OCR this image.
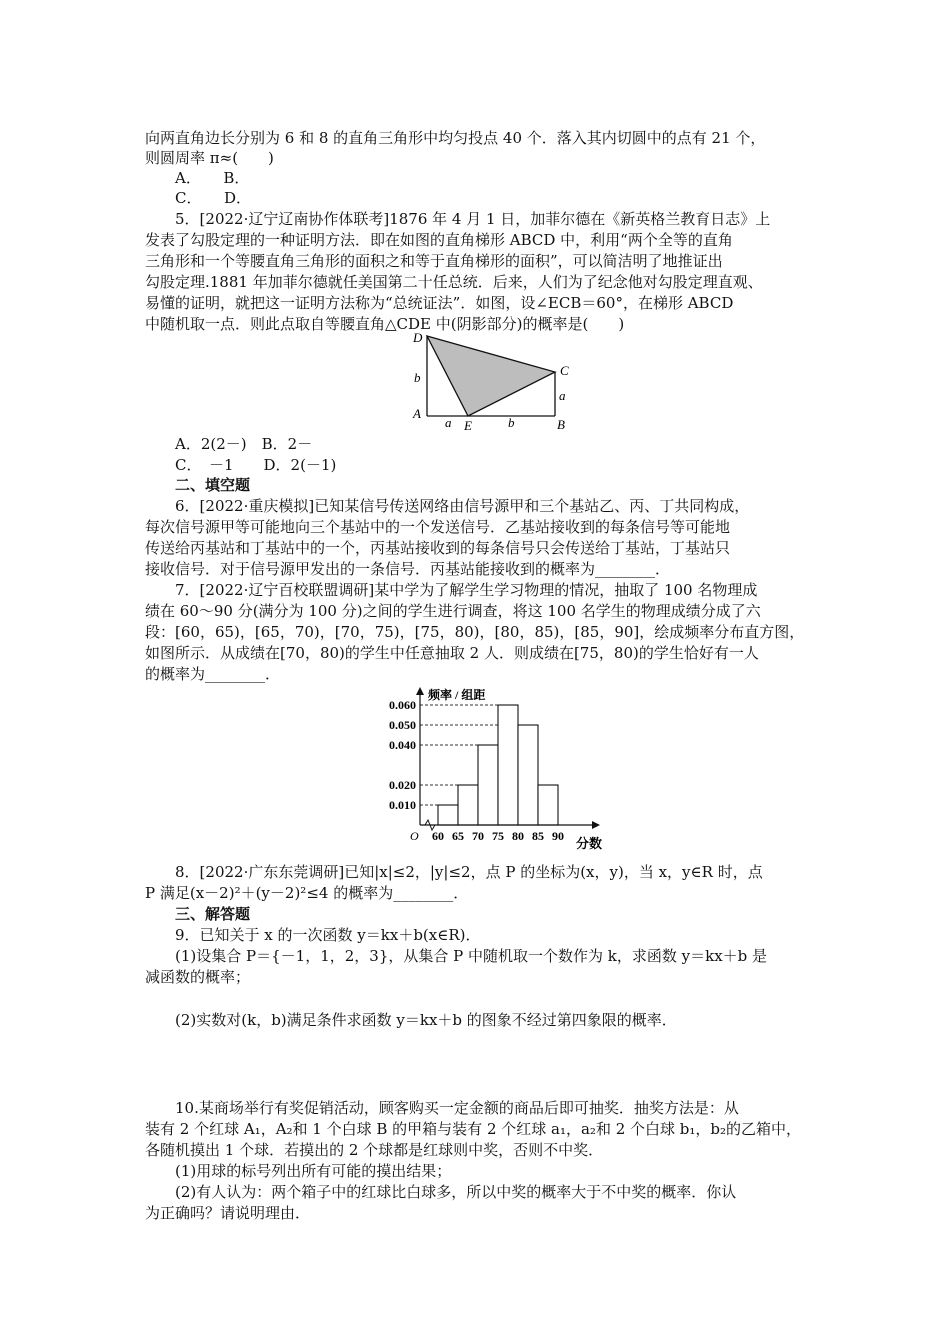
向两直角边长分别为 6 和 8 的直角三角形中均匀投点 40 个．落入其内切圆中的点有 21 个，
则圆周率 π≈(　　)
A．　　B．
C．　　D．
5．[2022·辽宁辽南协作体联考]1876 年 4 月 1 日，加菲尔德在《新英格兰教育日志》上
发表了勾股定理的一种证明方法．即在如图的直角梯形 ABCD 中，利用“两个全等的直角
三角形和一个等腰直角三角形的面积之和等于直角梯形的面积”，可以简洁明了地推证出
勾股定理.1881 年加菲尔德就任美国第二十任总统．后来，人们为了纪念他对勾股定理直观、
易懂的证明，就把这一证明方法称为“总统证法”．如图，设∠ECB＝60°，在梯形 ABCD
中随机取一点．则此点取自等腰直角△CDE 中(阴影部分)的概率是(　　)
D
C
A
E	B
b
a
a	b
A．2(2－)　B．2－
C．　－1　　D．2(－1)
二、填空题
6．[2022·重庆模拟]已知某信号传送网络由信号源甲和三个基站乙、丙、丁共同构成，
每次信号源甲等可能地向三个基站中的一个发送信号．乙基站接收到的每条信号等可能地
传送给丙基站和丁基站中的一个，丙基站接收到的每条信号只会传送给丁基站，丁基站只
接收信号．对于信号源甲发出的一条信号．丙基站能接收到的概率为________．
7．[2022·辽宁百校联盟调研]某中学为了解学生学习物理的情况，抽取了 100 名物理成
绩在 60～90 分(满分为 100 分)之间的学生进行调查，将这 100 名学生的物理成绩分成了六
段：[60，65)，[65，70)，[70，75)，[75，80)，[80，85)，[85，90]，绘成频率分布直方图，
如图所示．从成绩在[70，80)的学生中任意抽取 2 人．则成绩在[75，80)的学生恰好有一人
的概率为________．
60 65 70 75 80 85 90
0.010
0.020
0.040
0.050
0.060
O
频率 / 组距
分数
8．[2022·广东东莞调研]已知|x|≤2，|y|≤2，点 P 的坐标为(x，y)，当 x，y∈R 时，点
P 满足(x－2)²＋(y－2)²≤4 的概率为________．
三、解答题
9．已知关于 x 的一次函数 y＝kx＋b(x∈R)．
(1)设集合 P＝{－1，1，2，3}，从集合 P 中随机取一个数作为 k，求函数 y＝kx＋b 是
减函数的概率；
(2)实数对(k，b)满足条件求函数 y＝kx＋b 的图象不经过第四象限的概率．
10.某商场举行有奖促销活动，顾客购买一定金额的商品后即可抽奖．抽奖方法是：从
装有 2 个红球 A₁，A₂和 1 个白球 B 的甲箱与装有 2 个红球 a₁，a₂和 2 个白球 b₁，b₂的乙箱中，
各随机摸出 1 个球．若摸出的 2 个球都是红球则中奖，否则不中奖．
(1)用球的标号列出所有可能的摸出结果；
(2)有人认为：两个箱子中的红球比白球多，所以中奖的概率大于不中奖的概率．你认
为正确吗？请说明理由．
